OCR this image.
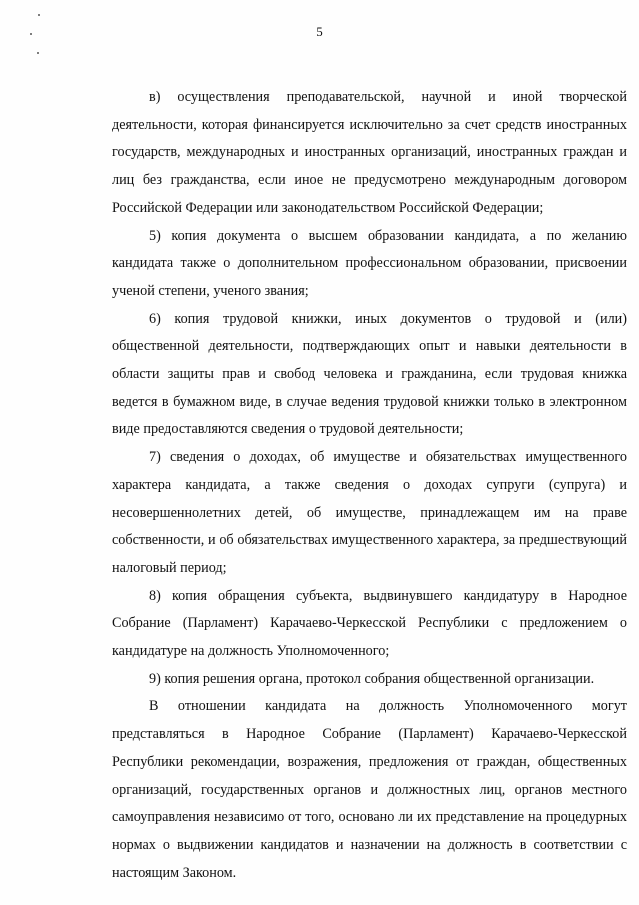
5

в) осуществления преподавательской, научной и иной творческой деятельности, которая финансируется исключительно за счет средств иностранных государств, международных и иностранных организаций, иностранных граждан и лиц без гражданства, если иное не предусмотрено международным договором Российской Федерации или законодательством Российской Федерации;

5) копия документа о высшем образовании кандидата, а по желанию кандидата также о дополнительном профессиональном образовании, присвоении ученой степени, ученого звания;

6) копия трудовой книжки, иных документов о трудовой и (или) общественной деятельности, подтверждающих опыт и навыки деятельности в области защиты прав и свобод человека и гражданина, если трудовая книжка ведется в бумажном виде, в случае ведения трудовой книжки только в электронном виде предоставляются сведения о трудовой деятельности;

7) сведения о доходах, об имуществе и обязательствах имущественного характера кандидата, а также сведения о доходах супруги (супруга) и несовершеннолетних детей, об имуществе, принадлежащем им на праве собственности, и об обязательствах имущественного характера, за предшествующий налоговый период;

8) копия обращения субъекта, выдвинувшего кандидатуру в Народное Собрание (Парламент) Карачаево-Черкесской Республики с предложением о кандидатуре на должность Уполномоченного;

9) копия решения органа, протокол собрания общественной организации.

В отношении кандидата на должность Уполномоченного могут представляться в Народное Собрание (Парламент) Карачаево-Черкесской Республики рекомендации, возражения, предложения от граждан, общественных организаций, государственных органов и должностных лиц, органов местного самоуправления независимо от того, основано ли их представление на процедурных нормах о выдвижении кандидатов и назначении на должность в соответствии с настоящим Законом.
